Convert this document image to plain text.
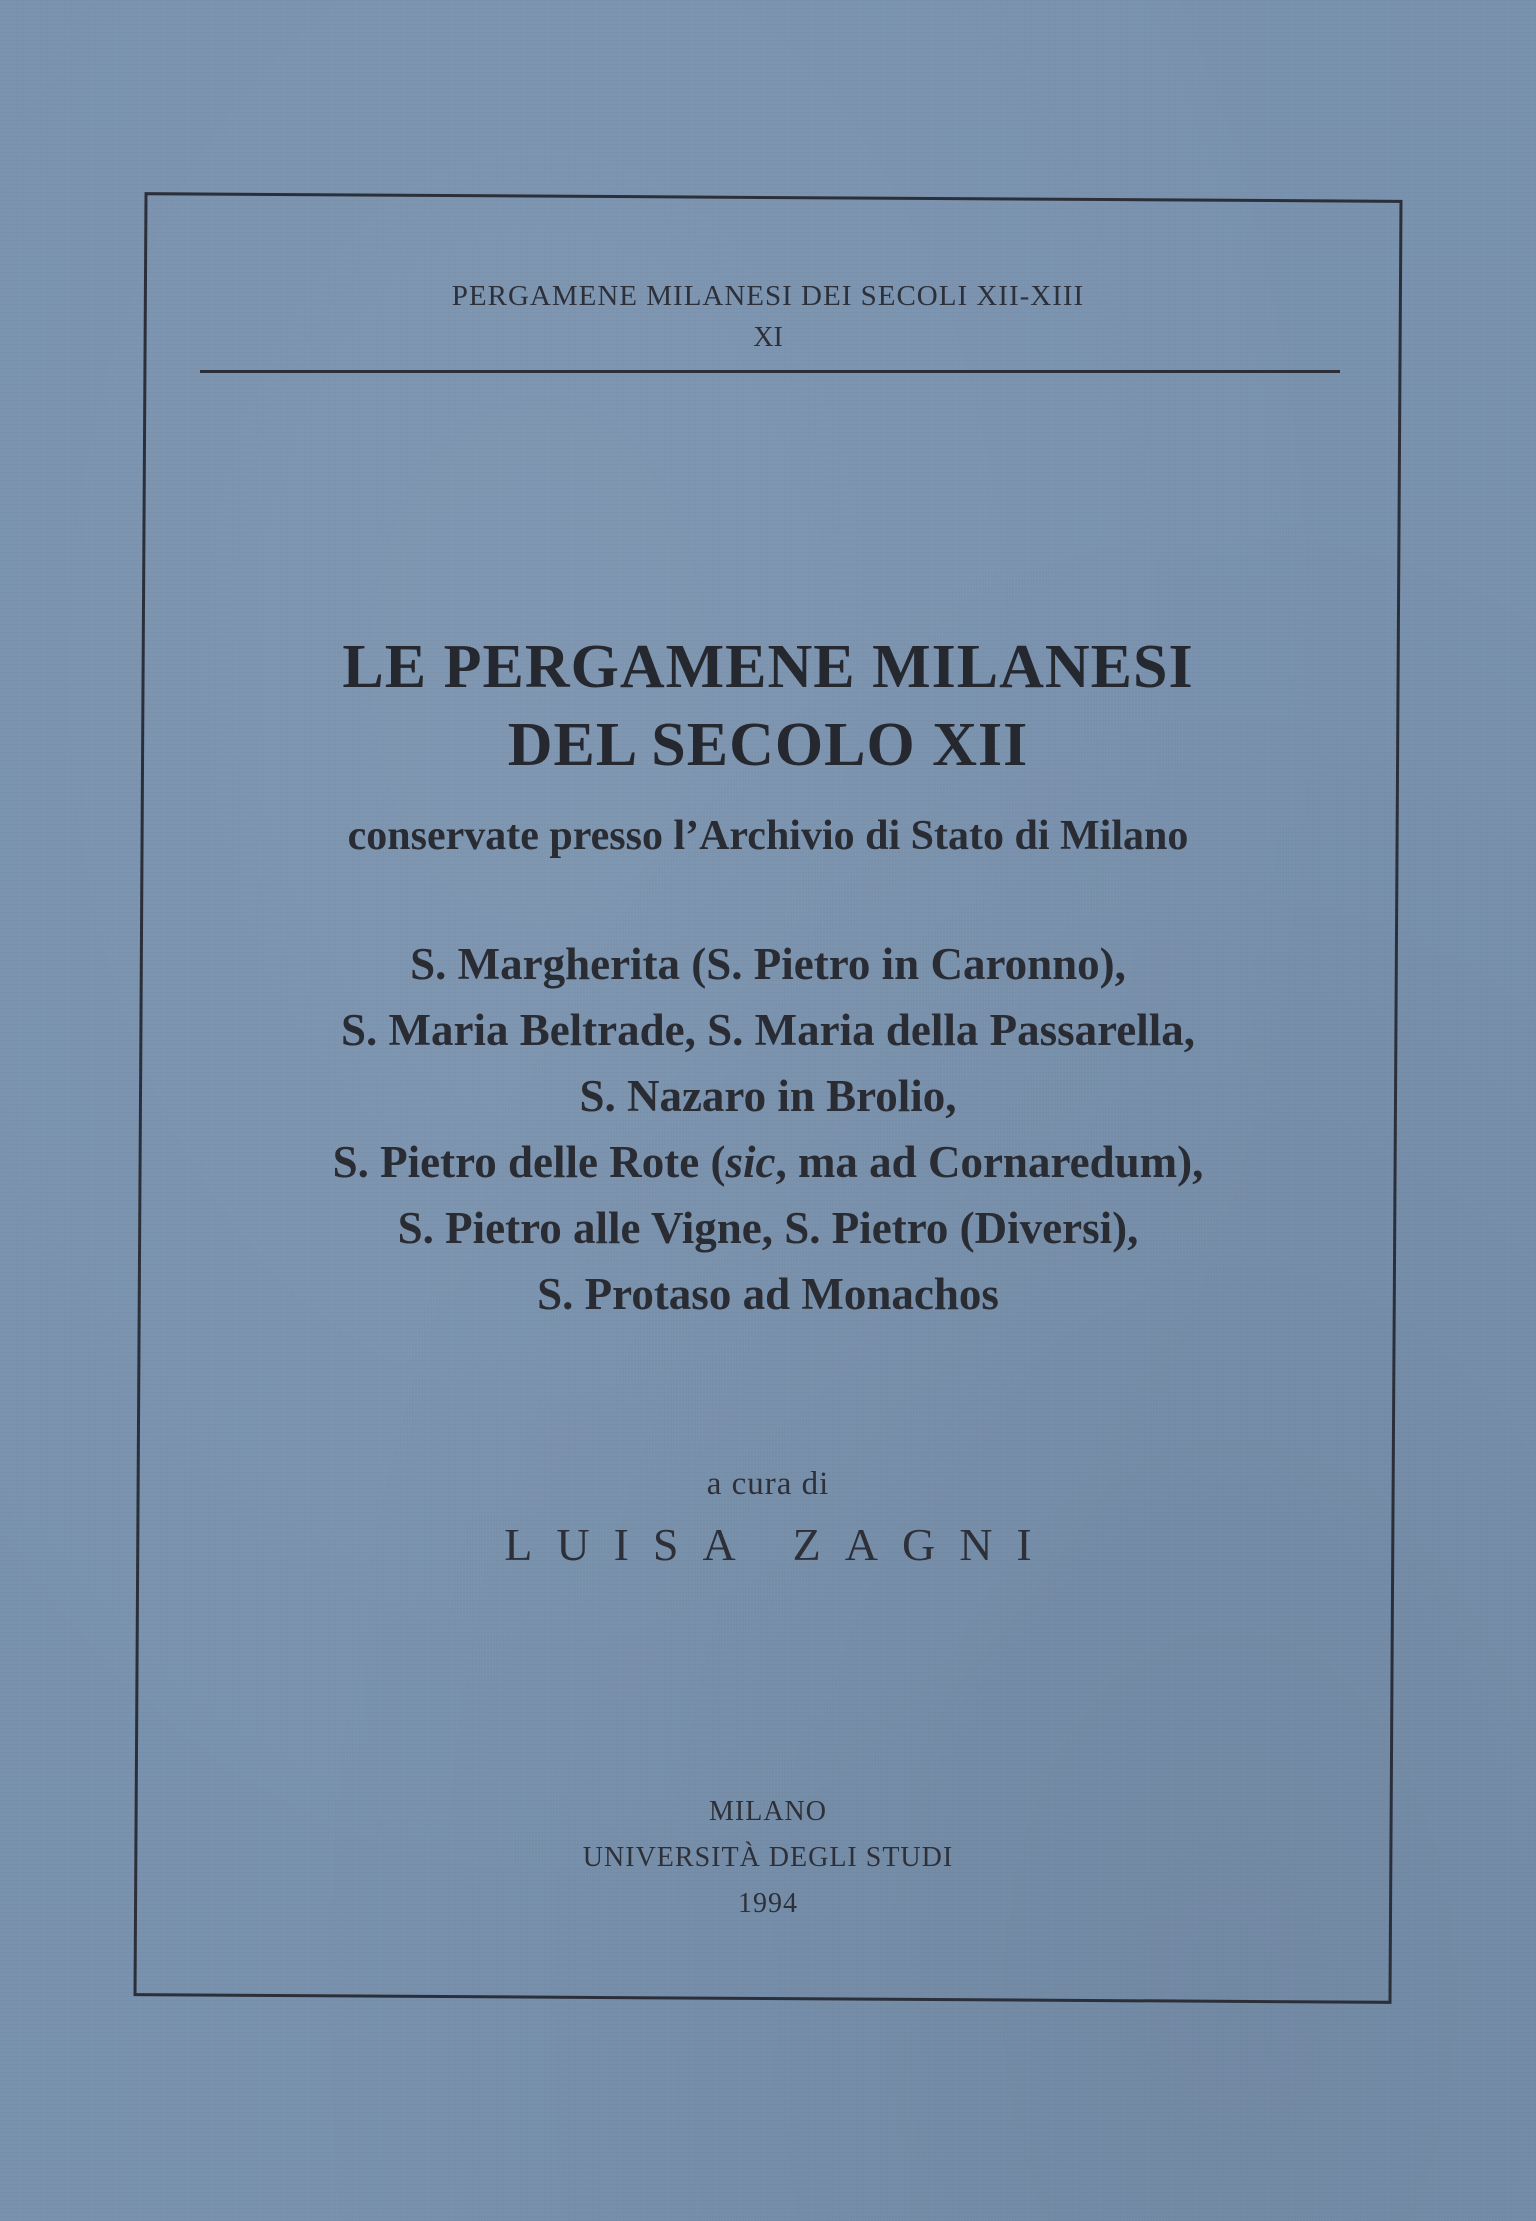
PERGAMENE MILANESI DEI SECOLI XII-XIII
XI
LE PERGAMENE MILANESI
DEL SECOLO XII
conservate presso l’Archivio di Stato di Milano
S. Margherita (S. Pietro in Caronno),
S. Maria Beltrade, S. Maria della Passarella,
S. Nazaro in Brolio,
S. Pietro delle Rote (sic, ma ad Cornaredum),
S. Pietro alle Vigne, S. Pietro (Diversi),
S. Protaso ad Monachos
a cura di
LUISA ZAGNI
MILANO
UNIVERSITÀ DEGLI STUDI
1994
